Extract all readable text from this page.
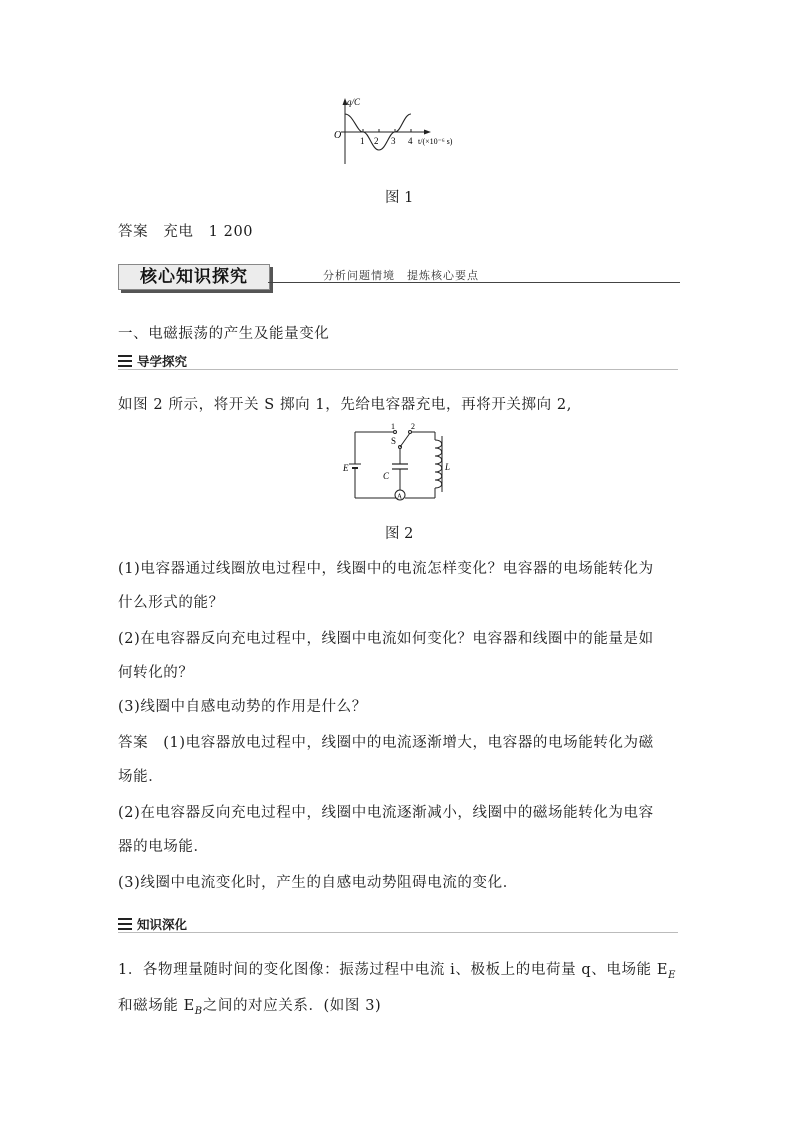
q/C
O 1 2 3 4 t/(×10⁻⁶ s)
图 1
答案　充电　1 200
核心知识探究	分析问题情境　提炼核心要点
一、电磁振荡的产生及能量变化
导学探究
如图 2 所示，将开关 S 掷向 1，先给电容器充电，再将开关掷向 2,
A
E
C
L
S
1 2
图 2
(1)电容器通过线圈放电过程中，线圈中的电流怎样变化？电容器的电场能转化为
什么形式的能？
(2)在电容器反向充电过程中，线圈中电流如何变化？电容器和线圈中的能量是如
何转化的？
(3)线圈中自感电动势的作用是什么？
答案　(1)电容器放电过程中，线圈中的电流逐渐增大，电容器的电场能转化为磁
场能．
(2)在电容器反向充电过程中，线圈中电流逐渐减小，线圈中的磁场能转化为电容
器的电场能．
(3)线圈中电流变化时，产生的自感电动势阻碍电流的变化．
知识深化
1．各物理量随时间的变化图像：振荡过程中电流 i、极板上的电荷量 q、电场能 $E_E$
和磁场能 $E_B$之间的对应关系．(如图 3)
